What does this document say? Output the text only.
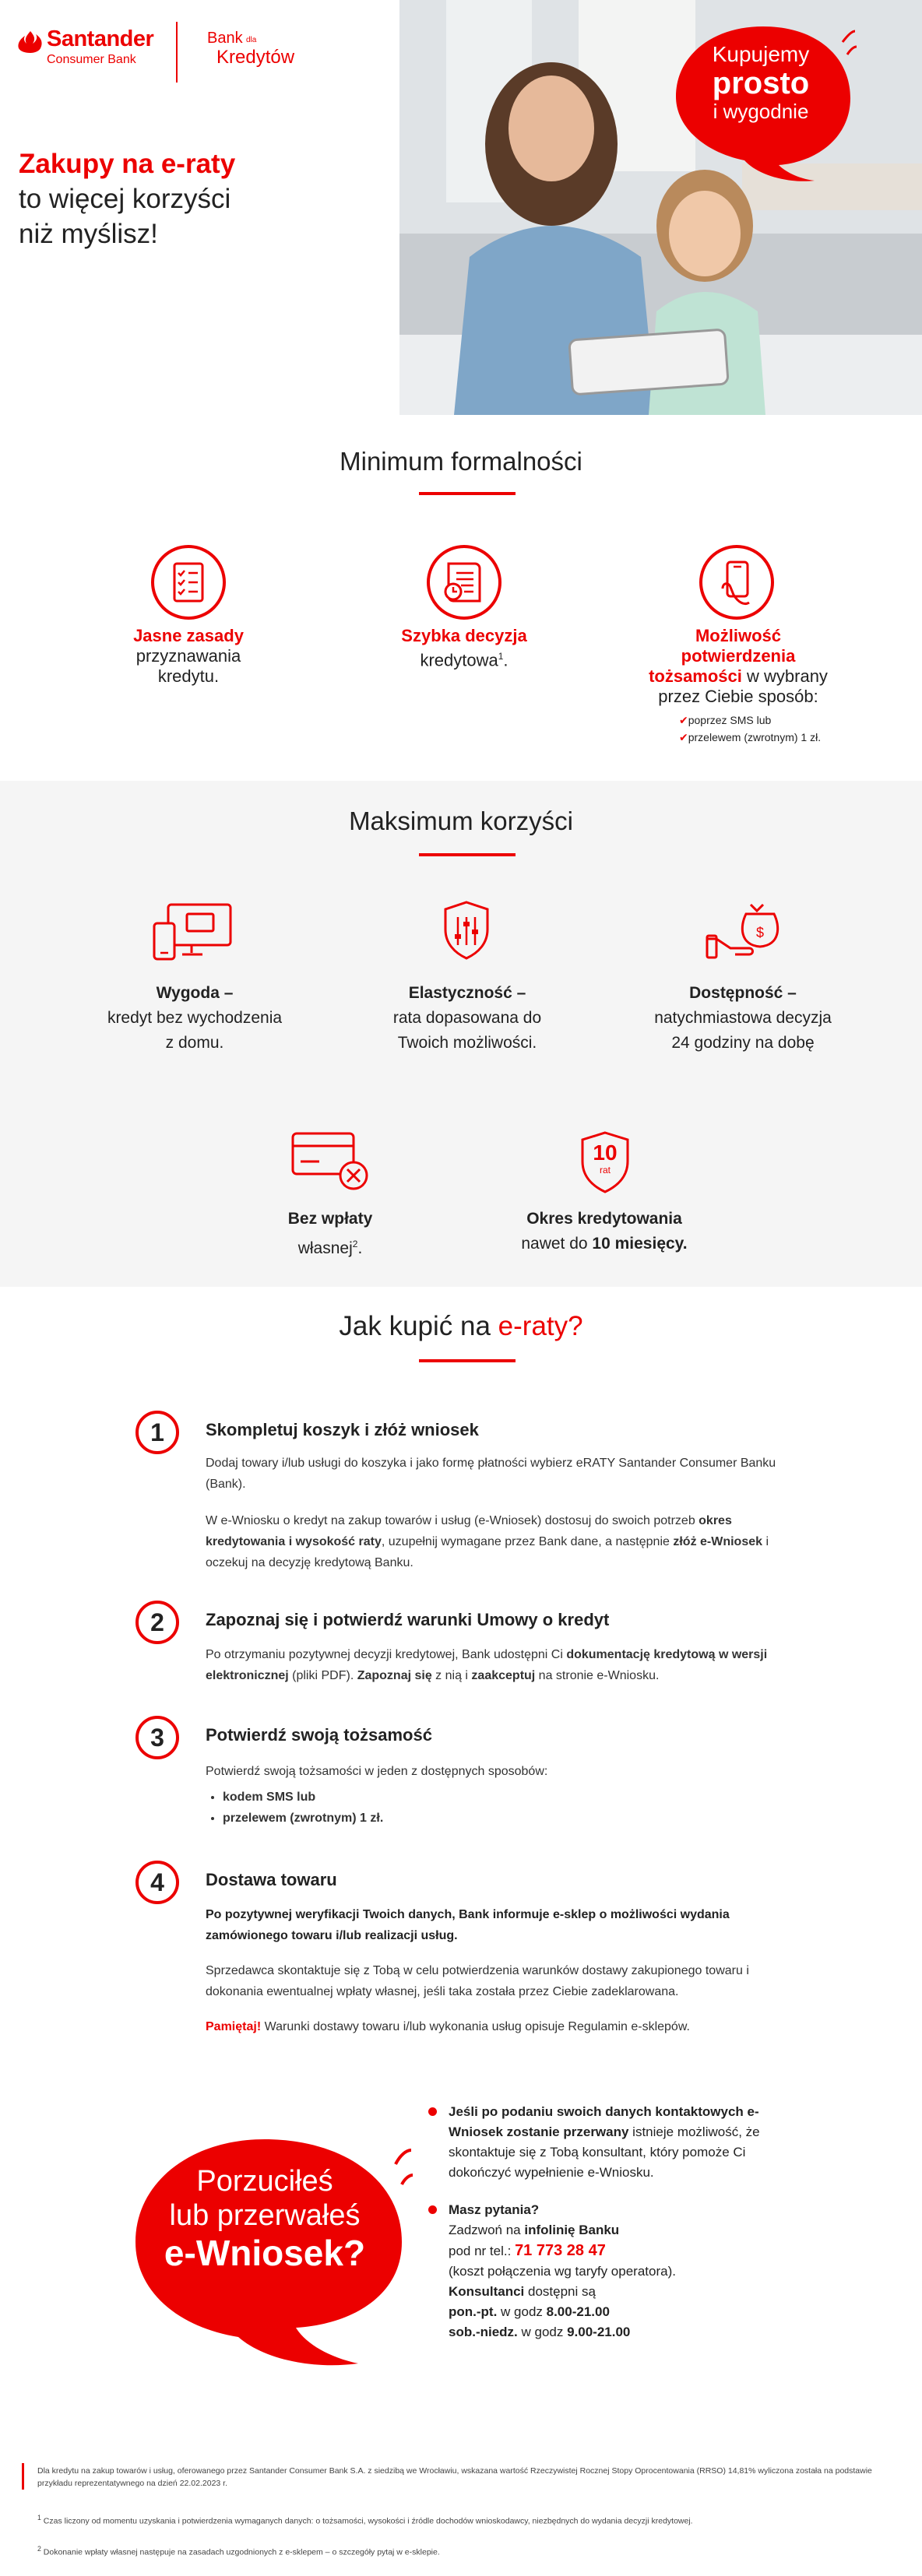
Santander
Consumer Bank
Bank dla
Kredytów
Zakupy na e-raty
to więcej korzyści
niż myślisz!
Kupujemy
prosto
i wygodnie
Minimum formalności
Jasne zasady
przyznawania kredytu.
Szybka decyzja
kredytowa$^1$.
Możliwość
potwierdzenia
tożsamości w wybrany przez Ciebie sposób:
✔poprzez SMS lub
✔przelewem (zwrotnym) 1 zł.
Maksimum korzyści
$
Wygoda –
kredyt bez wychodzenia
z domu.
Elastyczność –
rata dopasowana do
Twoich możliwości.
Dostępność –
natychmiastowa decyzja
24 godziny na dobę
10
rat
Bez wpłaty
własnej$^2$.
Okres kredytowania
nawet do 10 miesięcy.
Jak kupić na e-raty?
1	Skompletuj koszyk i złóż wniosek

Dodaj towary i/lub usługi do koszyka i jako formę płatności wybierz eRATY Santander Consumer Banku (Bank).

W e-Wniosku o kredyt na zakup towarów i usług (e-Wniosek) dostosuj do swoich potrzeb okres kredytowania i wysokość raty, uzupełnij wymagane przez Bank dane, a następnie złóż e-Wniosek i oczekuj na decyzję kredytową Banku.

2	Zapoznaj się i potwierdź warunki Umowy o kredyt

Po otrzymaniu pozytywnej decyzji kredytowej, Bank udostępni Ci dokumentację kredytową w wersji elektronicznej (pliki PDF). Zapoznaj się z nią i zaakceptuj na stronie e-Wniosku.

3	Potwierdź swoją tożsamość

Potwierdź swoją tożsamości w jeden z dostępnych sposobów:

• kodem SMS lub
• przelewem (zwrotnym) 1 zł.
4	Dostawa towaru

Po pozytywnej weryfikacji Twoich danych, Bank informuje e-sklep o możliwości wydania zamówionego towaru i/lub realizacji usług.

Sprzedawca skontaktuje się z Tobą w celu potwierdzenia warunków dostawy zakupionego towaru i dokonania ewentualnej wpłaty własnej, jeśli taka została przez Ciebie zadeklarowana.

Pamiętaj! Warunki dostawy towaru i/lub wykonania usług opisuje Regulamin e-sklepów.

Porzuciłeś
lub przerwałeś
e-Wniosek?
Jeśli po podaniu swoich danych kontaktowych e-Wniosek zostanie przerwany istnieje możliwość, że skontaktuje się z Tobą konsultant, który pomoże Ci dokończyć wypełnienie e-Wniosku.
Masz pytania?
Zadzwoń na infolinię Banku
pod nr tel.: 71 773 28 47
(koszt połączenia wg taryfy operatora).
Konsultanci dostępni są
pon.-pt. w godz 8.00-21.00
sob.-niedz. w godz 9.00-21.00
Dla kredytu na zakup towarów i usług, oferowanego przez Santander Consumer Bank S.A. z siedzibą we Wrocławiu, wskazana wartość Rzeczywistej Rocznej Stopy Oprocentowania (RRSO) 14,81% wyliczona została na podstawie przykładu reprezentatywnego na dzień 22.02.2023 r.
$^1$ Czas liczony od momentu uzyskania i potwierdzenia wymaganych danych: o tożsamości, wysokości i źródle dochodów wnioskodawcy, niezbędnych do wydania decyzji kredytowej.
$^2$ Dokonanie wpłaty własnej następuje na zasadach uzgodnionych z e-sklepem – o szczegóły pytaj w e-sklepie.
